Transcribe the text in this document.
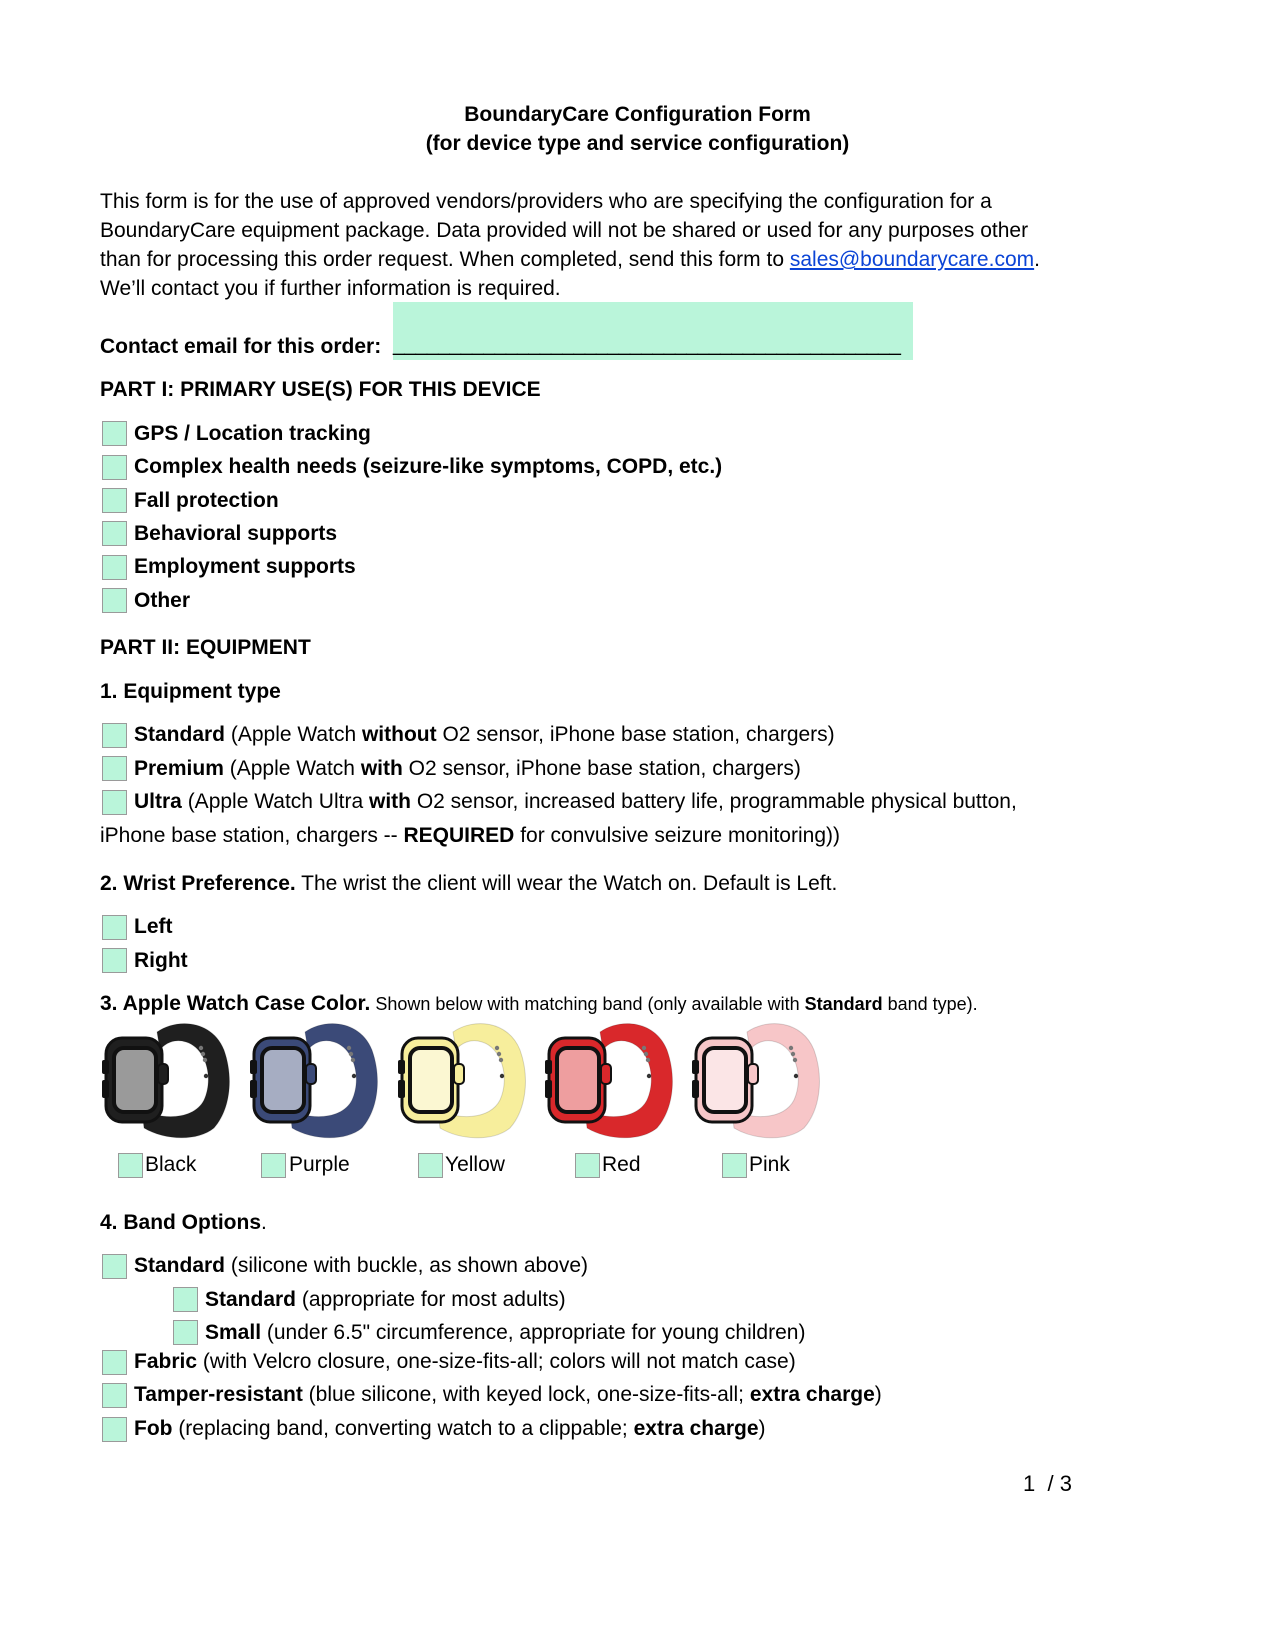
BoundaryCare Configuration Form
(for device type and service configuration)
This form is for the use of approved vendors/providers who are specifying the configuration for a
BoundaryCare equipment package. Data provided will not be shared or used for any purposes other
than for processing this order request. When completed, send this form to sales@boundarycare.com.
We’ll contact you if further information is required.
Contact email for this order: _____________________________________________
PART I: PRIMARY USE(S) FOR THIS DEVICE
GPS / Location tracking
Complex health needs (seizure-like symptoms, COPD, etc.)
Fall protection
Behavioral supports
Employment supports
Other
PART II: EQUIPMENT
1. Equipment type
Standard (Apple Watch without O2 sensor, iPhone base station, chargers)
Premium (Apple Watch with O2 sensor, iPhone base station, chargers)
Ultra (Apple Watch Ultra with O2 sensor, increased battery life, programmable physical button,
iPhone base station, chargers -- REQUIRED for convulsive seizure monitoring))
2. Wrist Preference. The wrist the client will wear the Watch on. Default is Left.
Left
Right
3. Apple Watch Case Color. Shown below with matching band (only available with Standard band type).
Black	Purple	Yellow	Red	Pink
4. Band Options.
Standard (silicone with buckle, as shown above)
Standard (appropriate for most adults)
Small (under 6.5" circumference, appropriate for young children)
Fabric (with Velcro closure, one-size-fits-all; colors will not match case)
Tamper-resistant (blue silicone, with keyed lock, one-size-fits-all; extra charge)
Fob (replacing band, converting watch to a clippable; extra charge)
1 / 3
